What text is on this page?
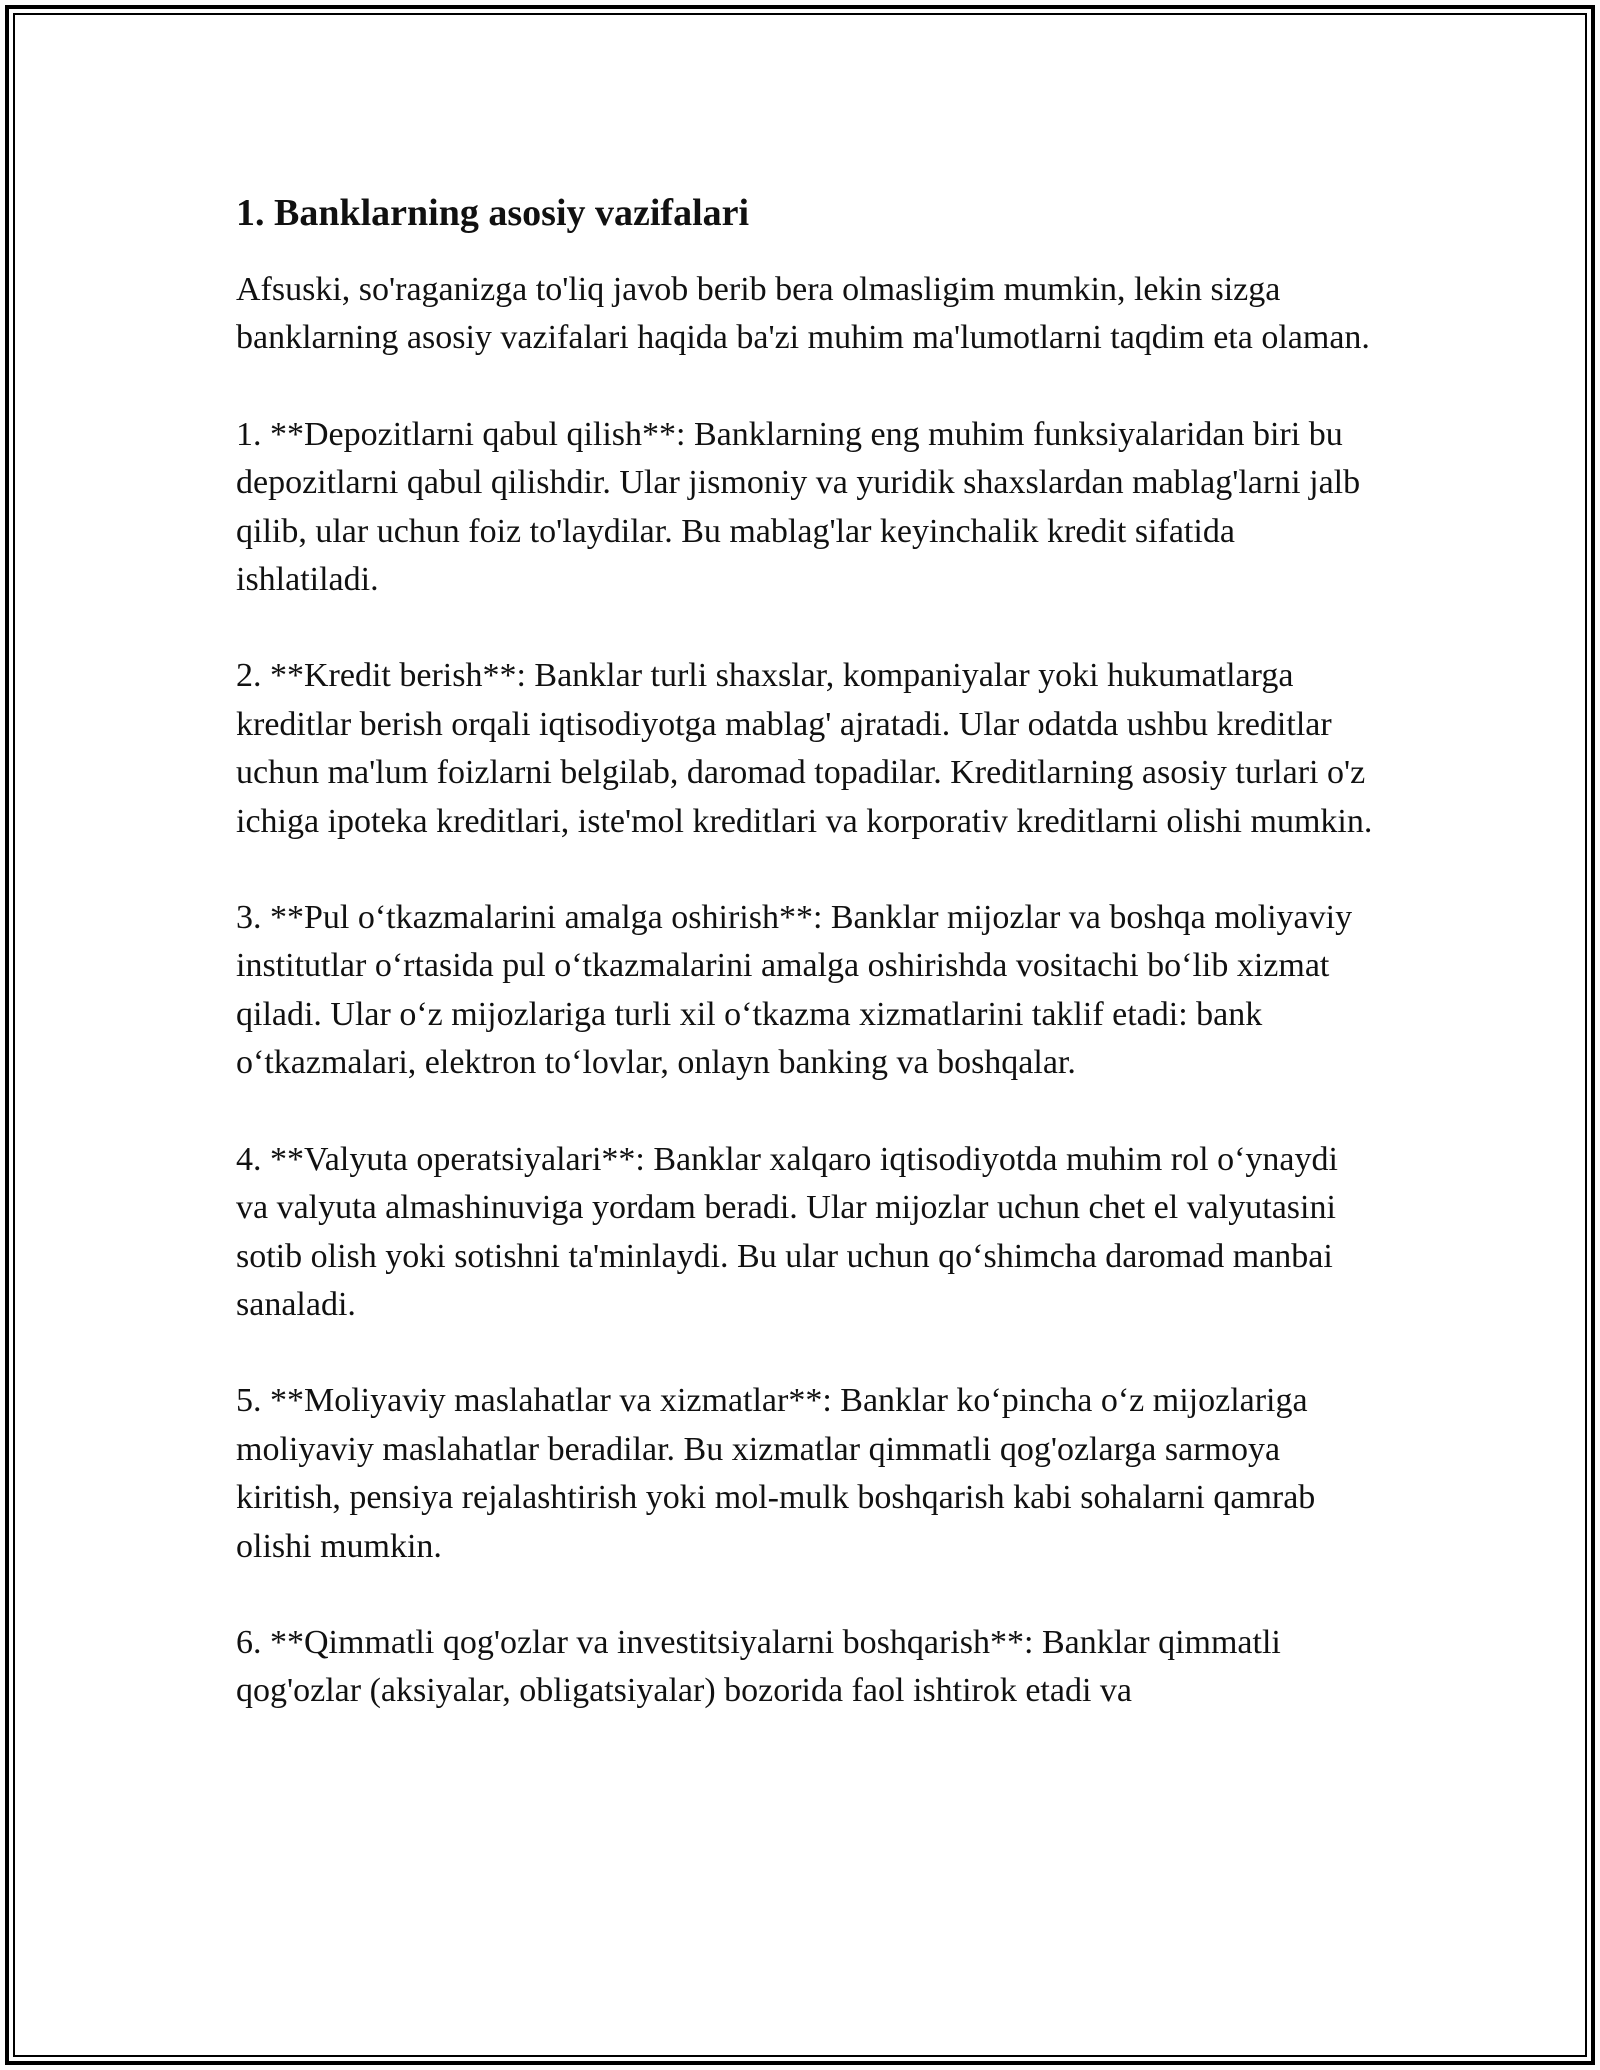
1. Banklarning asosiy vazifalari

Afsuski, so'raganizga to'liq javob berib bera olmasligim mumkin, lekin sizga banklarning asosiy vazifalari haqida ba'zi muhim ma'lumotlarni taqdim eta olaman.

1. **Depozitlarni qabul qilish**: Banklarning eng muhim funksiyalaridan biri bu depozitlarni qabul qilishdir. Ular jismoniy va yuridik shaxslardan mablag'larni jalb qilib, ular uchun foiz to'laydilar. Bu mablag'lar keyinchalik kredit sifatida ishlatiladi.

2. **Kredit berish**: Banklar turli shaxslar, kompaniyalar yoki hukumatlarga kreditlar berish orqali iqtisodiyotga mablag' ajratadi. Ular odatda ushbu kreditlar uchun ma'lum foizlarni belgilab, daromad topadilar. Kreditlarning asosiy turlari o'z ichiga ipoteka kreditlari, iste'mol kreditlari va korporativ kreditlarni olishi mumkin.

3. **Pul o‘tkazmalarini amalga oshirish**: Banklar mijozlar va boshqa moliyaviy institutlar o‘rtasida pul o‘tkazmalarini amalga oshirishda vositachi bo‘lib xizmat qiladi. Ular o‘z mijozlariga turli xil o‘tkazma xizmatlarini taklif etadi: bank o‘tkazmalari, elektron to‘lovlar, onlayn banking va boshqalar.

4. **Valyuta operatsiyalari**: Banklar xalqaro iqtisodiyotda muhim rol o‘ynaydi va valyuta almashinuviga yordam beradi. Ular mijozlar uchun chet el valyutasini sotib olish yoki sotishni ta'minlaydi. Bu ular uchun qo‘shimcha daromad manbai sanaladi.

5. **Moliyaviy maslahatlar va xizmatlar**: Banklar ko‘pincha o‘z mijozlariga moliyaviy maslahatlar beradilar. Bu xizmatlar qimmatli qog'ozlarga sarmoya kiritish, pensiya rejalashtirish yoki mol-mulk boshqarish kabi sohalarni qamrab olishi mumkin.

6. **Qimmatli qog'ozlar va investitsiyalarni boshqarish**: Banklar qimmatli qog'ozlar (aksiyalar, obligatsiyalar) bozorida faol ishtirok etadi va
